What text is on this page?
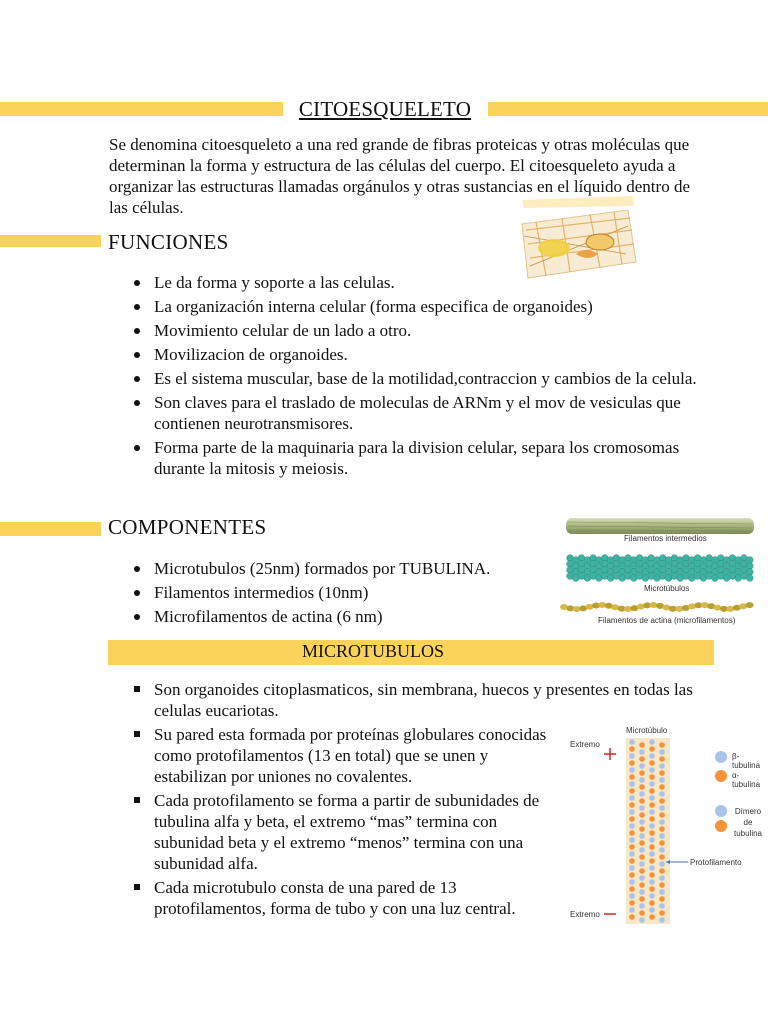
CITOESQUELETO
Se denomina citoesqueleto a una red grande de fibras proteicas y otras moléculas que determinan la forma y estructura de las células del cuerpo. El citoesqueleto ayuda a organizar las estructuras llamadas orgánulos y otras sustancias en el líquido dentro de las células.
FUNCIONES
Le da forma y soporte a las celulas.
La organización interna celular (forma especifica de organoides)
Movimiento celular de un lado a otro.
Movilizacion de organoides.
Es el sistema muscular, base de la motilidad,contraccion y cambios de la celula.
Son claves para el traslado de moleculas de ARNm y el mov de vesiculas que contienen neurotransmisores.
Forma parte de la maquinaria para la division celular, separa los cromosomas durante la mitosis y meiosis.
COMPONENTES
Microtubulos (25nm) formados por TUBULINA.
Filamentos intermedios (10nm)
Microfilamentos de actina (6 nm)
Filamentos intermedios
Microtúbulos
Filamentos de actina (microfilamentos)
MICROTUBULOS
Son organoides citoplasmaticos, sin membrana, huecos y presentes en todas las celulas eucariotas.
Su pared esta formada por proteínas globulares conocidas como protofilamentos (13 en total) que se unen y estabilizan por uniones no covalentes.
Cada protofilamento se forma a partir de subunidades de tubulina alfa y beta, el extremo “mas” termina con subunidad beta y el extremo “menos” termina con una subunidad alfa.
Cada microtubulo consta de una pared de 13 protofilamentos, forma de tubo y con una luz central.
Microtúbulo
Extremo
Extremo
β-tubulina
α-tubulina
Dímero de tubulina
Protofilamento
